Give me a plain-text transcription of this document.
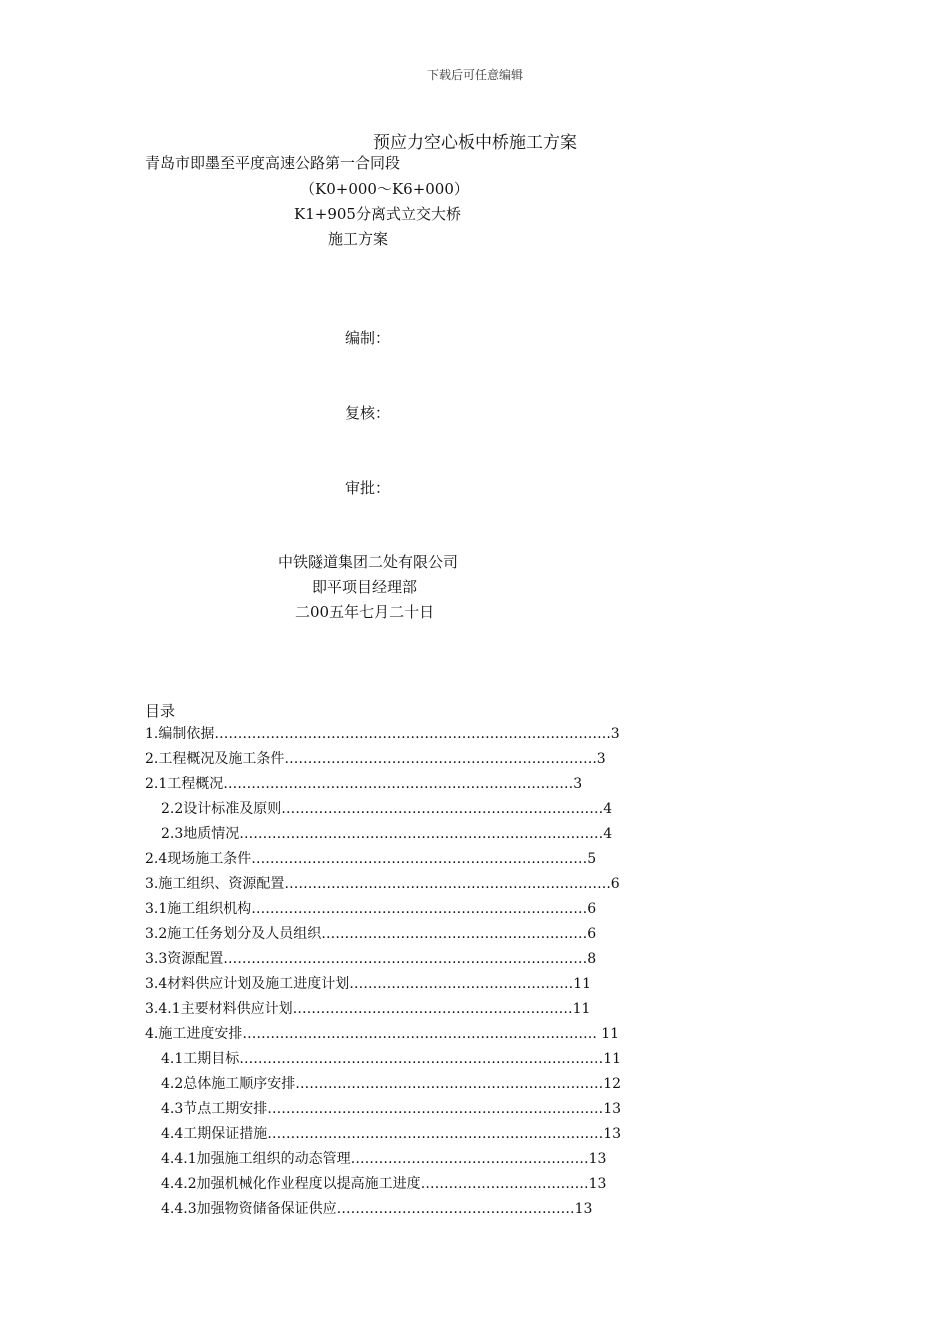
下载后可任意编辑
预应力空心板中桥施工方案
青岛市即墨至平度高速公路第一合同段
（K0+000～K6+000）
K1+905分离式立交大桥
施工方案
编制：
复核：
审批：
中铁隧道集团二处有限公司
即平项目经理部
二00五年七月二十日
目录
1.编制依据………………………………………………………………………….3
2.工程概况及施工条件………………………………………………………….3
2.1工程概况…………………………………………………………………3
2.2设计标准及原则……………………………………………………………4
2.3地质情况……………………………………………………………………4
2.4现场施工条件………………………………………………………………5
3.施工组织、资源配置…………………………………………………………….6
3.1施工组织机构………………………………………………………………6
3.2施工任务划分及人员组织…………………………………………………6
3.3资源配置……………………………………………………………………8
3.4材料供应计划及施工进度计划…………………………………………11
3.4.1主要材料供应计划……………………………………………………11
4.施工进度安排…………………………………………………………………. 11
4.1工期目标……………………………………………………………………11
4.2总体施工顺序安排…………………………………………………………12
4.3节点工期安排………………………………………………………………13
4.4工期保证措施………………………………………………………………13
4.4.1加强施工组织的动态管理……………………………………………13
4.4.2加强机械化作业程度以提高施工进度………………………………13
4.4.3加强物资储备保证供应……………………………………………13
